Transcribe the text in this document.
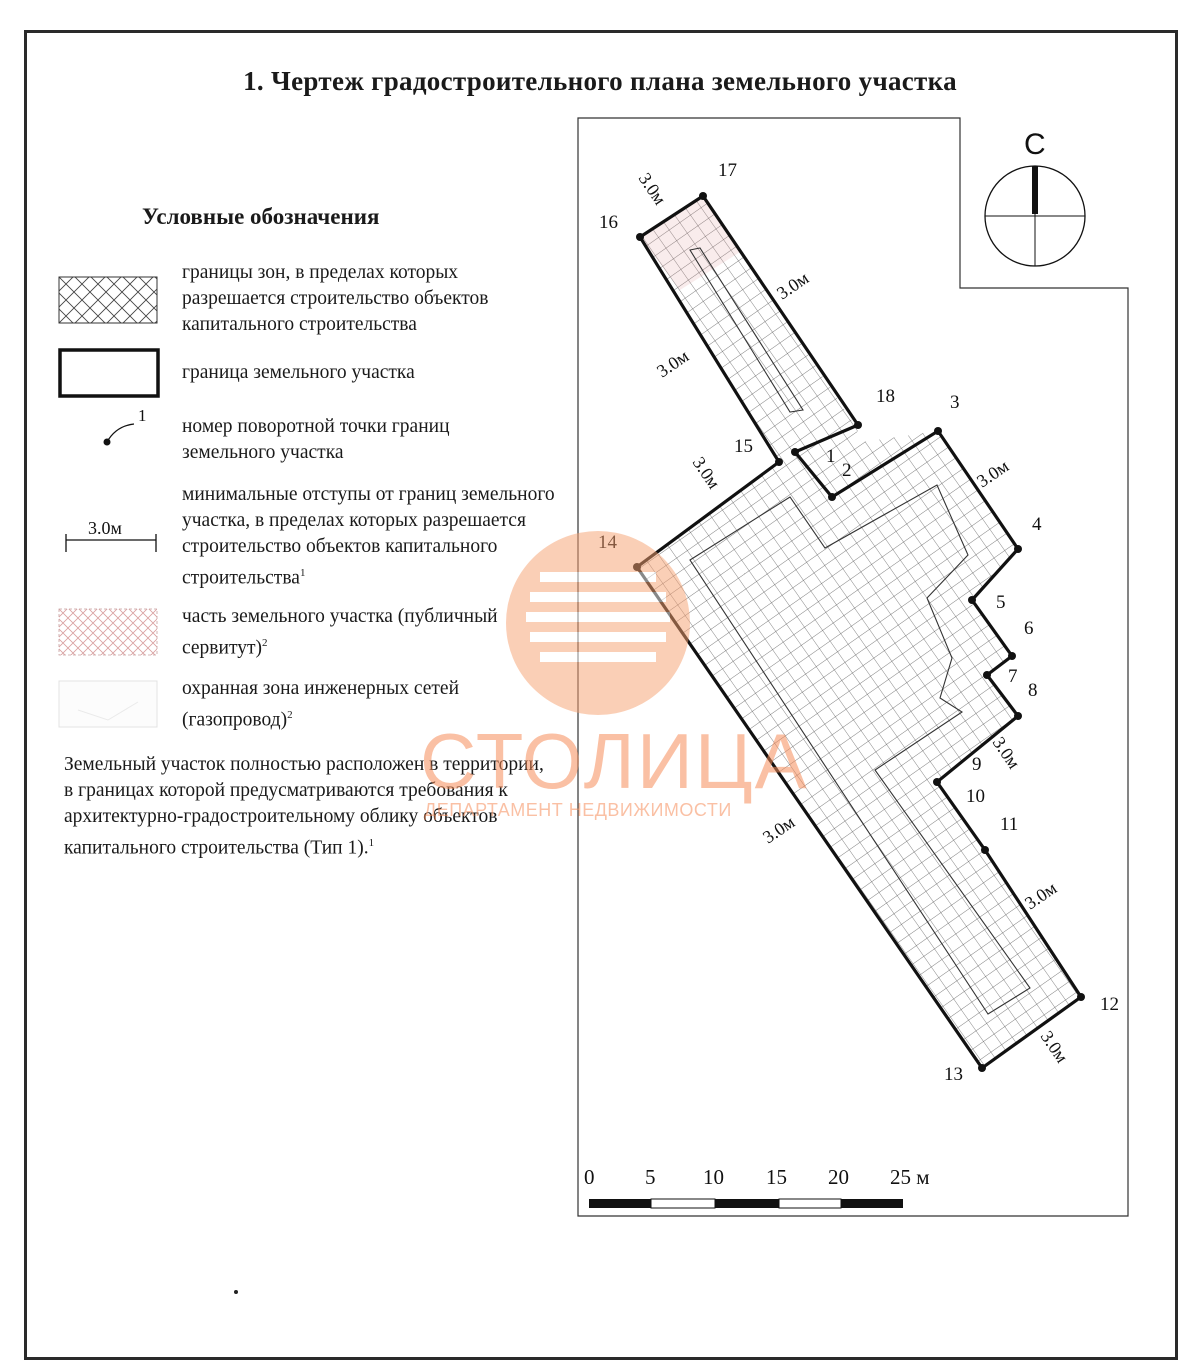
1. Чертеж градостроительного плана земельного участка
Условные обозначения
1
3.0м
границы зон, в пределах которых разрешается строительство объектов капитального строительства
граница земельного участка
номер поворотной точки границ земельного участка
минимальные отступы от границ земельного участка, в пределах которых разрешается строительство объектов капитального строительства$^1$
часть земельного участка (публичный сервитут)$^2$
охранная зона инженерных сетей (газопровод)$^2$
Земельный участок полностью расположен в территории, в границах которой предусматриваются требования к архитектурно-градостроительному облику объектов капитального строительства (Тип 1).$^1$
С
1
2
3
4
5
6
7
8
9
10
11
12
13
15
16
17
18
3.0м
3.0м
3.0м
3.0м	3.0м
3.0м
3.0м
3.0м
3.0м
0 5 10 15 20 25 м
СТОЛИЦА
ДЕПАРТАМЕНТ НЕДВИЖИМОСТИ
